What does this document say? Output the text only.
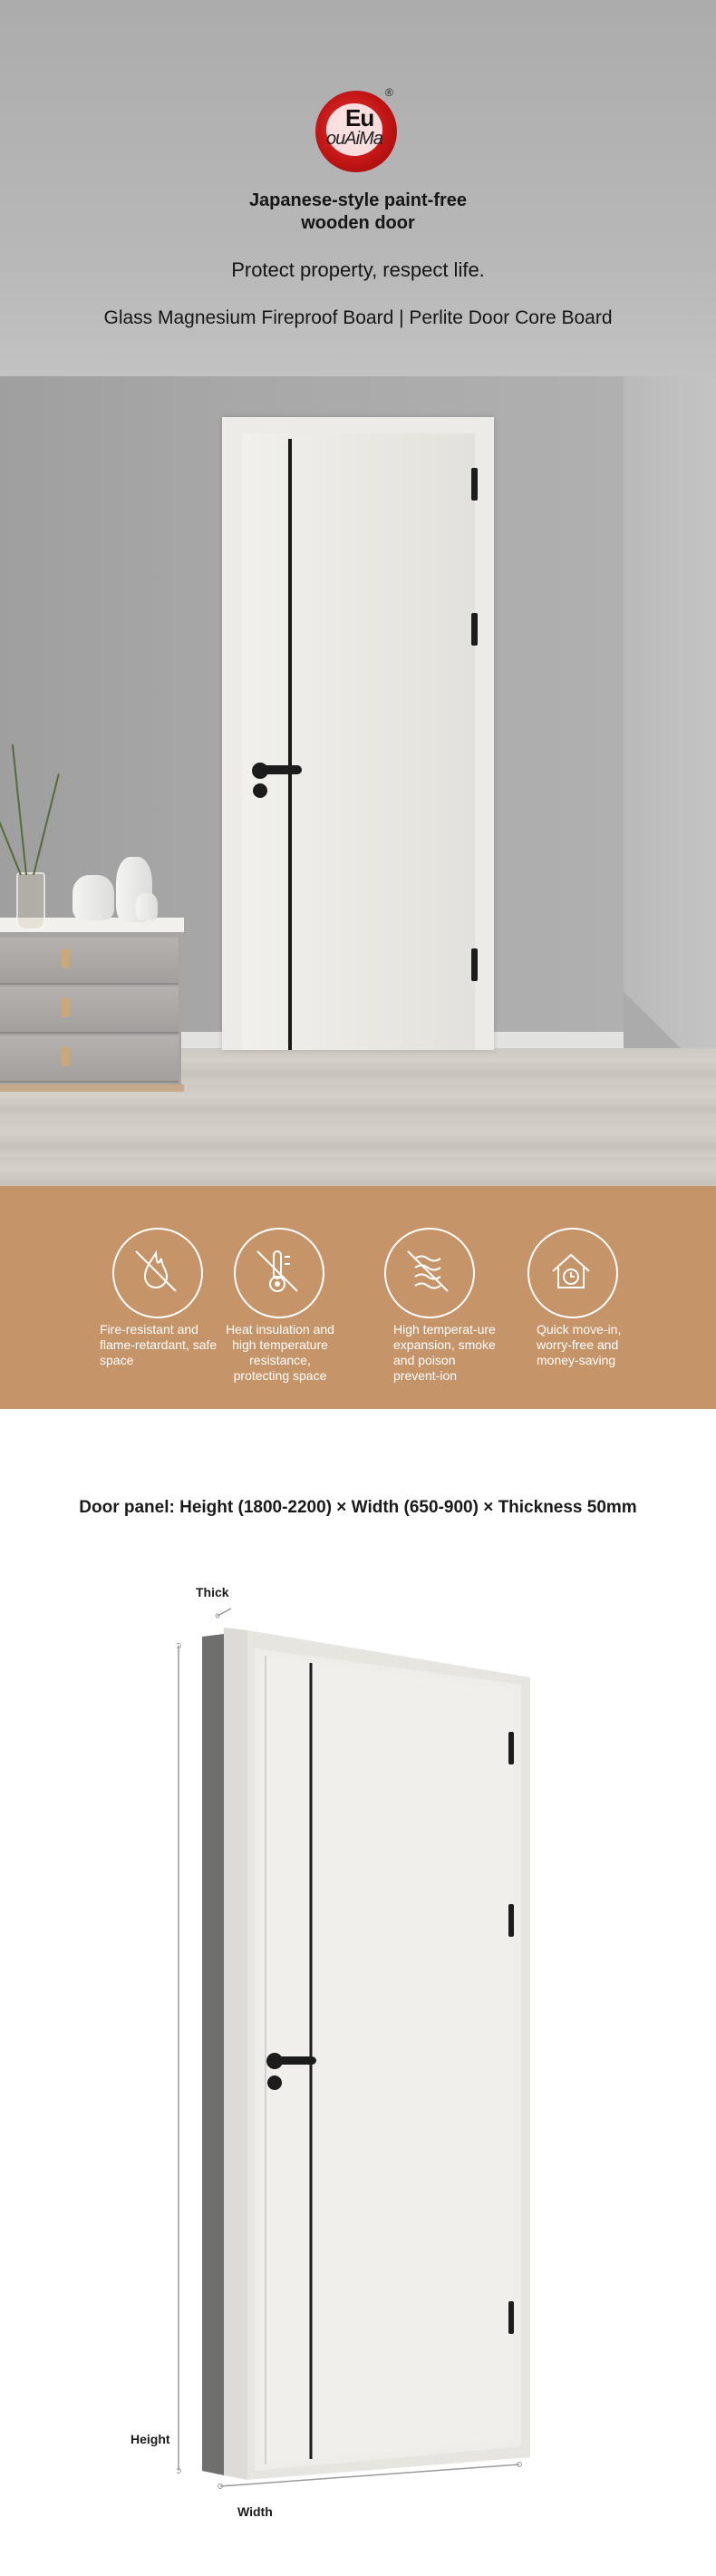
Eu
ouAiMa
®

Japanese-style paint-free wooden door

Protect property, respect life.

Glass Magnesium Fireproof Board | Perlite Door Core Board

Fire-resistant and flame-retardant, safe space
Heat insulation and high temperature resistance, protecting space
High temperat-ure expansion, smoke and poison prevent-ion
Quick move-in, worry-free and money-saving

Door panel: Height (1800-2200) × Width (650-900) × Thickness 50mm

Thick
Height
Width
